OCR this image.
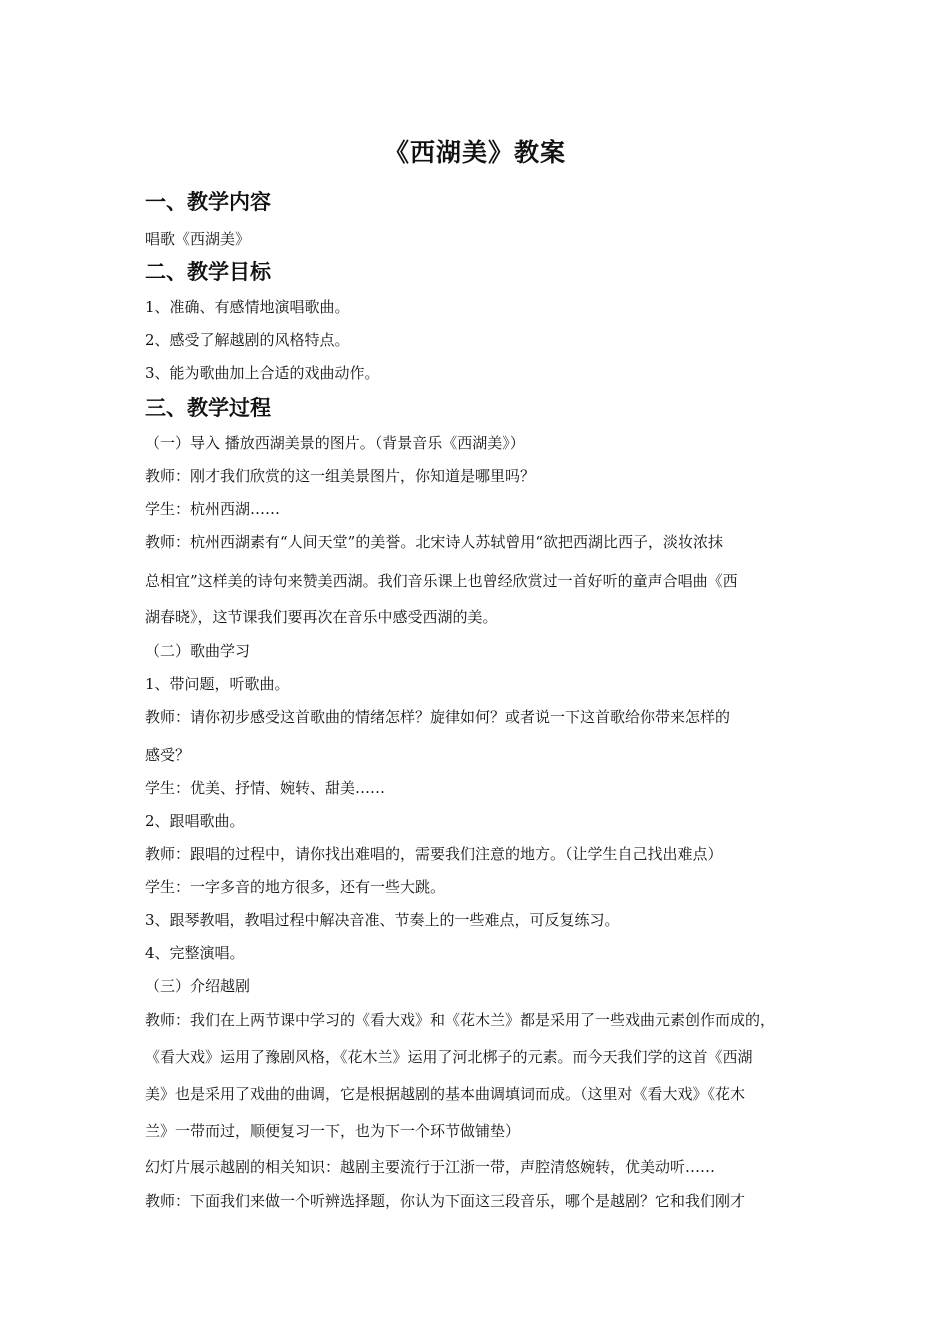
《西湖美》教案
一、教学内容
唱歌《西湖美》
二、教学目标
1、准确、有感情地演唱歌曲。
2、感受了解越剧的风格特点。
3、能为歌曲加上合适的戏曲动作。
三、教学过程
（一）导入 播放西湖美景的图片。（背景音乐《西湖美》）
教师：刚才我们欣赏的这一组美景图片，你知道是哪里吗？
学生：杭州西湖……
教师：杭州西湖素有“人间天堂”的美誉。北宋诗人苏轼曾用“欲把西湖比西子，淡妆浓抹
总相宜”这样美的诗句来赞美西湖。我们音乐课上也曾经欣赏过一首好听的童声合唱曲《西
湖春晓》，这节课我们要再次在音乐中感受西湖的美。
（二）歌曲学习
1、带问题，听歌曲。
教师：请你初步感受这首歌曲的情绪怎样？旋律如何？或者说一下这首歌给你带来怎样的
感受？
学生：优美、抒情、婉转、甜美……
2、跟唱歌曲。
教师：跟唱的过程中，请你找出难唱的，需要我们注意的地方。（让学生自己找出难点）
学生：一字多音的地方很多，还有一些大跳。
3、跟琴教唱，教唱过程中解决音准、节奏上的一些难点，可反复练习。
4、完整演唱。
（三）介绍越剧
教师：我们在上两节课中学习的《看大戏》和《花木兰》都是采用了一些戏曲元素创作而成的，
《看大戏》运用了豫剧风格，《花木兰》运用了河北梆子的元素。而今天我们学的这首《西湖
美》也是采用了戏曲的曲调，它是根据越剧的基本曲调填词而成。（这里对《看大戏》《花木
兰》一带而过，顺便复习一下，也为下一个环节做铺垫）
幻灯片展示越剧的相关知识：越剧主要流行于江浙一带，声腔清悠婉转，优美动听……
教师：下面我们来做一个听辨选择题，你认为下面这三段音乐，哪个是越剧？它和我们刚才
